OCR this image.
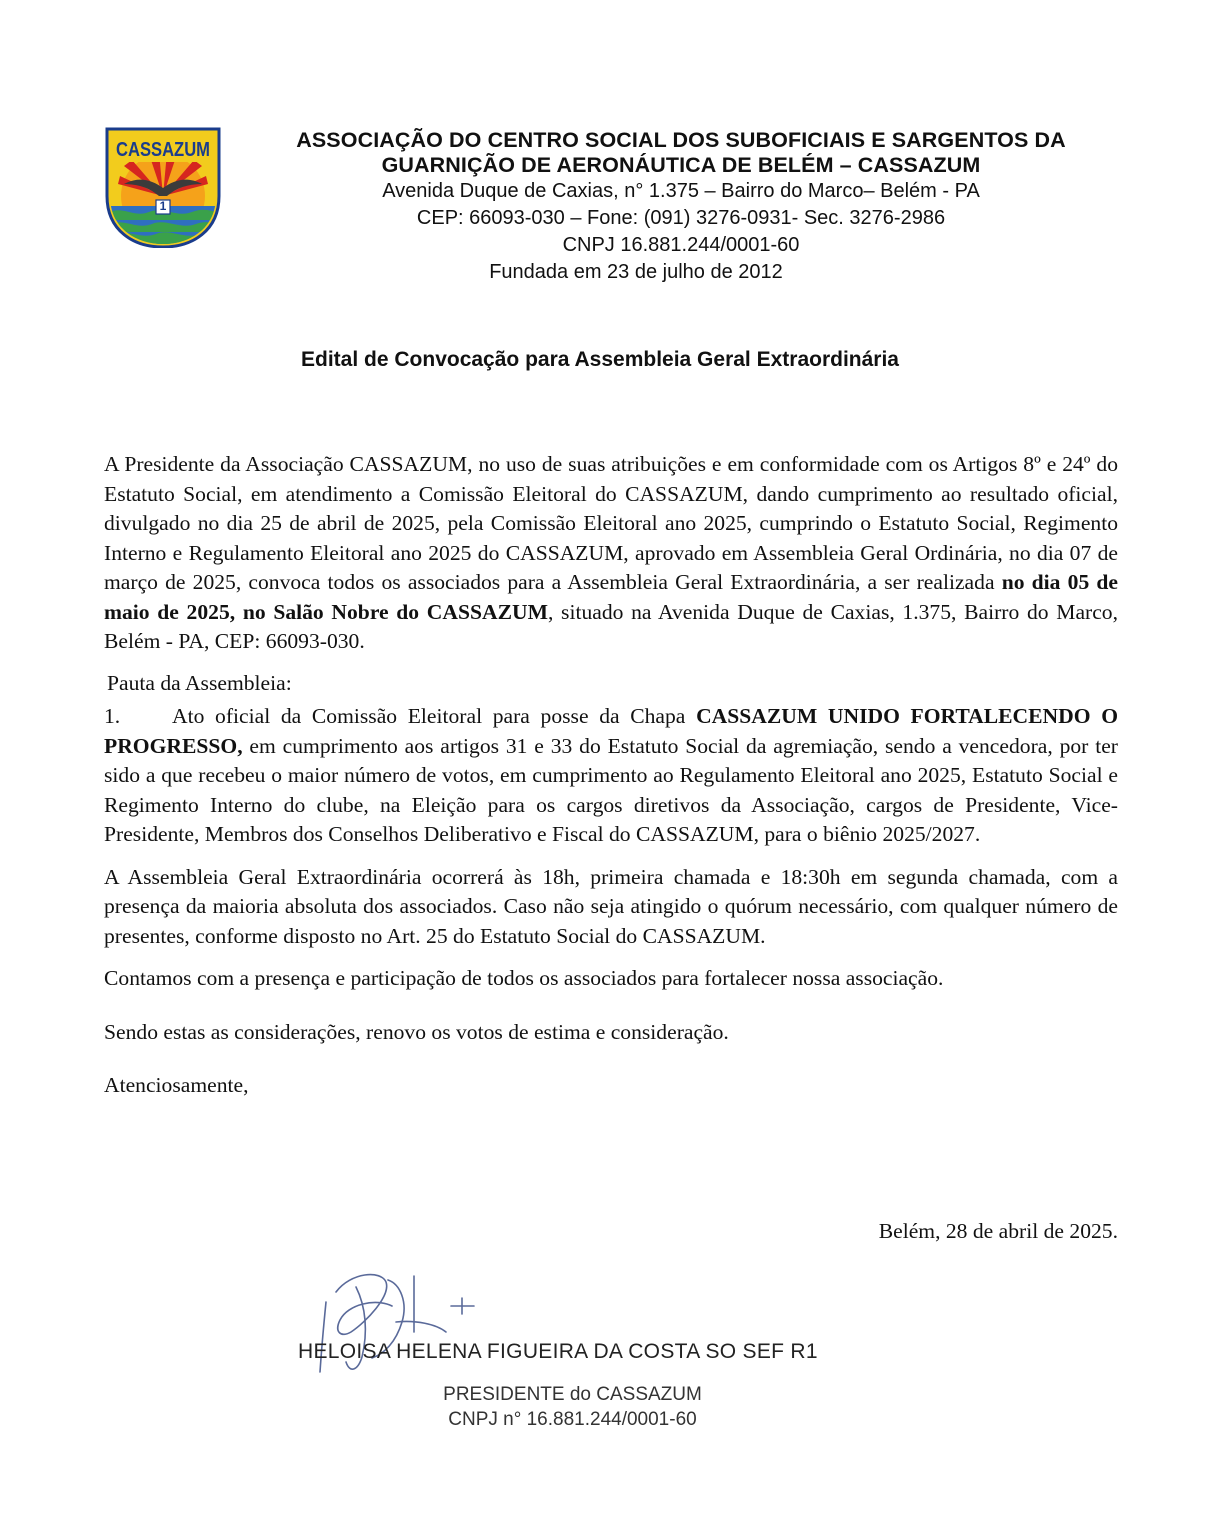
1
CASSAZUM	ASSOCIAÇÃO DO CENTRO SOCIAL DOS SUBOFICIAIS E SARGENTOS DA
GUARNIÇÃO DE AERONÁUTICA DE BELÉM – CASSAZUM
Avenida Duque de Caxias, n° 1.375 – Bairro do Marco– Belém - PA
CEP: 66093-030 – Fone: (091) 3276-0931- Sec. 3276-2986
CNPJ 16.881.244/0001-60
Fundada em 23 de julho de 2012
Edital de Convocação para Assembleia Geral Extraordinária

A Presidente da Associação CASSAZUM, no uso de suas atribuições e em conformidade com os Artigos 8º e 24º do Estatuto Social, em atendimento a Comissão Eleitoral do CASSAZUM, dando cumprimento ao resultado oficial, divulgado no dia 25 de abril de 2025, pela Comissão Eleitoral ano 2025, cumprindo o Estatuto Social, Regimento Interno e Regulamento Eleitoral ano 2025 do CASSAZUM, aprovado em Assembleia Geral Ordinária, no dia 07 de março de 2025, convoca todos os associados para a Assembleia Geral Extraordinária, a ser realizada no dia 05 de maio de 2025, no Salão Nobre do CASSAZUM, situado na Avenida Duque de Caxias, 1.375, Bairro do Marco, Belém - PA, CEP: 66093-030.

Pauta da Assembleia:

1. Ato oficial da Comissão Eleitoral para posse da Chapa CASSAZUM UNIDO FORTALECENDO O PROGRESSO, em cumprimento aos artigos 31 e 33 do Estatuto Social da agremiação, sendo a vencedora, por ter sido a que recebeu o maior número de votos, em cumprimento ao Regulamento Eleitoral ano 2025, Estatuto Social e Regimento Interno do clube, na Eleição para os cargos diretivos da Associação, cargos de Presidente, Vice-Presidente, Membros dos Conselhos Deliberativo e Fiscal do CASSAZUM, para o biênio 2025/2027.

A Assembleia Geral Extraordinária ocorrerá às 18h, primeira chamada e 18:30h em segunda chamada, com a presença da maioria absoluta dos associados. Caso não seja atingido o quórum necessário, com qualquer número de presentes, conforme disposto no Art. 25 do Estatuto Social do CASSAZUM.

Contamos com a presença e participação de todos os associados para fortalecer nossa associação.

Sendo estas as considerações, renovo os votos de estima e consideração.

Atenciosamente,

Belém, 28 de abril de 2025.
HELOISA HELENA FIGUEIRA DA COSTA SO SEF R1
PRESIDENTE do CASSAZUM
CNPJ n° 16.881.244/0001-60
